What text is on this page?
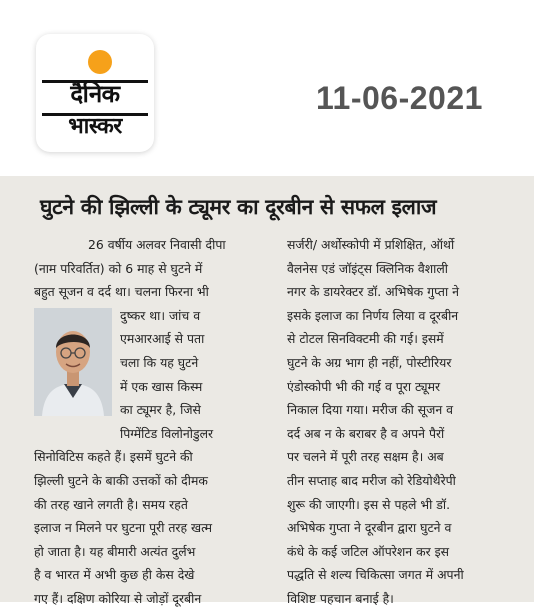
दैनिक
भास्कर
11-06-2021
घुटने की झिल्ली के ट्यूमर का दूरबीन से सफल इलाज
26 वर्षीय अलवर निवासी दीपा
(नाम परिवर्तित) को 6 माह से घुटने में
बहुत सूजन व दर्द था। चलना फिरना भी
दुष्कर था। जांच व
एमआरआई से पता
चला कि यह घुटने
में एक खास किस्म
का ट्यूमर है, जिसे
पिग्मेंटिड विलोनोडुलर
सिनोविटिस कहते हैं। इसमें घुटने की
झिल्ली घुटने के बाकी उत्तकों को दीमक
की तरह खाने लगती है। समय रहते
इलाज न मिलने पर घुटना पूरी तरह खत्म
हो जाता है। यह बीमारी अत्यंत दुर्लभ
है व भारत में अभी कुछ ही केस देखे
गए हैं। दक्षिण कोरिया से जोड़ों दूरबीन
सर्जरी/ अर्थोस्कोपी में प्रशिक्षित, ऑर्थो
वैलनेस एडं जॉइंट्स क्लिनिक वैशाली
नगर के डायरेक्टर डॉ. अभिषेक गुप्ता ने
इसके इलाज का निर्णय लिया व दूरबीन
से टोटल सिनविक्टमी की गई। इसमें
घुटने के अग्र भाग ही नहीं, पोस्टीरियर
एंडोस्कोपी भी की गई व पूरा ट्यूमर
निकाल दिया गया। मरीज की सूजन व
दर्द अब न के बराबर है व अपने पैरों
पर चलने में पूरी तरह सक्षम है। अब
तीन सप्ताह बाद मरीज को रेडियोथैरेपी
शुरू की जाएगी। इस से पहले भी डॉ.
अभिषेक गुप्ता ने दूरबीन द्वारा घुटने व
कंधे के कई जटिल ऑपरेशन कर इस
पद्धति से शल्य चिकित्सा जगत में अपनी
विशिष्ट पहचान बनाई है।
